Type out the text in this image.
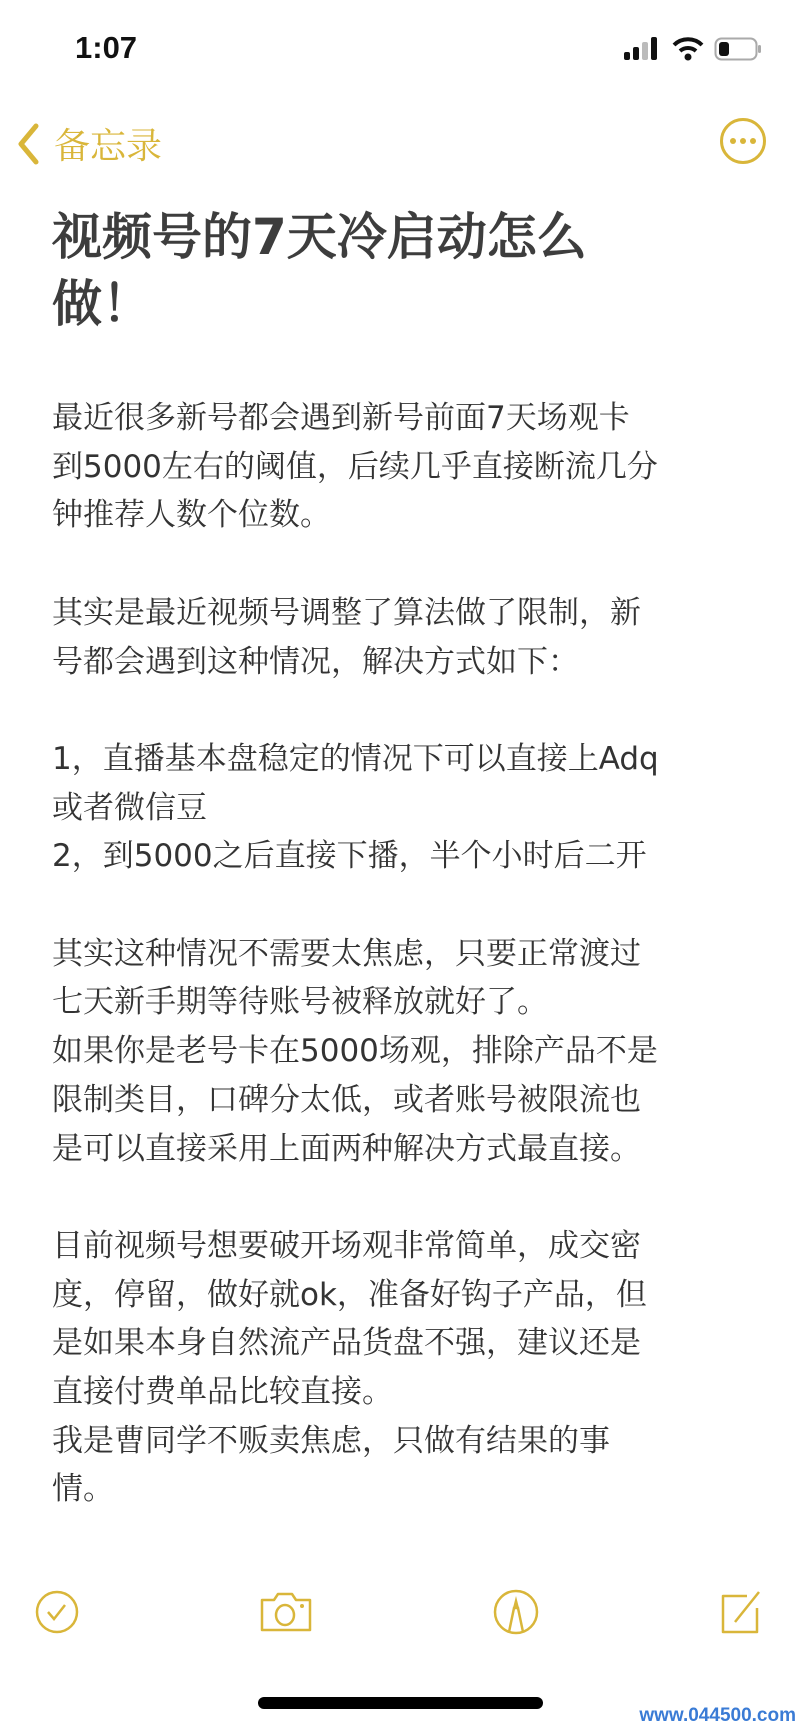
1:07
备忘录
视频号的7天冷启动怎么
做！
最近很多新号都会遇到新号前面7天场观卡
到5000左右的阈值，后续几乎直接断流几分
钟推荐人数个位数。
其实是最近视频号调整了算法做了限制，新
号都会遇到这种情况，解决方式如下：
1，直播基本盘稳定的情况下可以直接上Adq
或者微信豆
2，到5000之后直接下播，半个小时后二开
其实这种情况不需要太焦虑，只要正常渡过
七天新手期等待账号被释放就好了。
如果你是老号卡在5000场观，排除产品不是
限制类目，口碑分太低，或者账号被限流也
是可以直接采用上面两种解决方式最直接。
目前视频号想要破开场观非常简单，成交密
度，停留，做好就ok，准备好钩子产品，但
是如果本身自然流产品货盘不强，建议还是
直接付费单品比较直接。
我是曹同学不贩卖焦虑，只做有结果的事
情。
www.044500.com
